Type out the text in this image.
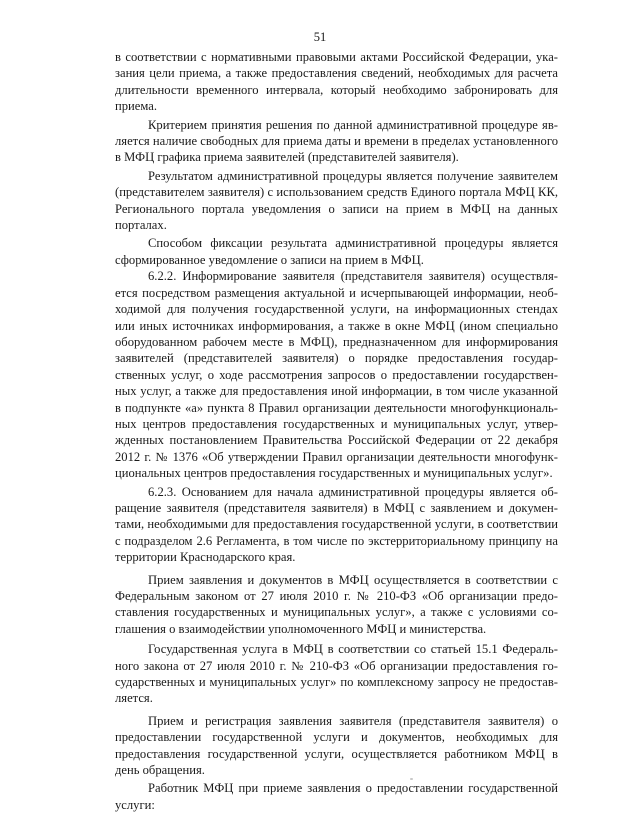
51

в соответствии с нормативными правовыми актами Российской Федерации, указания цели приема, а также предоставления сведений, необходимых для расчета длительности временного интервала, который необходимо забронировать для приема.

Критерием принятия решения по данной административной процедуре является наличие свободных для приема даты и времени в пределах установленного в МФЦ графика приема заявителей (представителей заявителя).

Результатом административной процедуры является получение заявителем (представителем заявителя) с использованием средств Единого портала МФЦ КК, Регионального портала уведомления о записи на прием в МФЦ на данных порталах.

Способом фиксации результата административной процедуры является сформированное уведомление о записи на прием в МФЦ.

6.2.2. Информирование заявителя (представителя заявителя) осуществляется посредством размещения актуальной и исчерпывающей информации, необходимой для получения государственной услуги, на информационных стендах или иных источниках информирования, а также в окне МФЦ (ином специально оборудованном рабочем месте в МФЦ), предназначенном для информирования заявителей (представителей заявителя) о порядке предоставления государственных услуг, о ходе рассмотрения запросов о предоставлении государственных услуг, а также для предоставления иной информации, в том числе указанной в подпункте «а» пункта 8 Правил организации деятельности многофункциональных центров предоставления государственных и муниципальных услуг, утвержденных постановлением Правительства Российской Федерации от 22 декабря 2012 г. № 1376 «Об утверждении Правил организации деятельности многофункциональных центров предоставления государственных и муниципальных услуг».

6.2.3. Основанием для начала административной процедуры является обращение заявителя (представителя заявителя) в МФЦ с заявлением и документами, необходимыми для предоставления государственной услуги, в соответствии с подразделом 2.6 Регламента, в том числе по экстерриториальному принципу на территории Краснодарского края.

Прием заявления и документов в МФЦ осуществляется в соответствии с Федеральным законом от 27 июля 2010 г. № 210-ФЗ «Об организации предоставления государственных и муниципальных услуг», а также с условиями соглашения о взаимодействии уполномоченного МФЦ и министерства.

Государственная услуга в МФЦ в соответствии со статьей 15.1 Федерального закона от 27 июля 2010 г. № 210-ФЗ «Об организации предоставления государственных и муниципальных услуг» по комплексному запросу не предоставляется.

Прием и регистрация заявления заявителя (представителя заявителя) о предоставлении государственной услуги и документов, необходимых для предоставления государственной услуги, осуществляется работником МФЦ в день обращения.

Работник МФЦ при приеме заявления о предоставлении государственной услуги:
